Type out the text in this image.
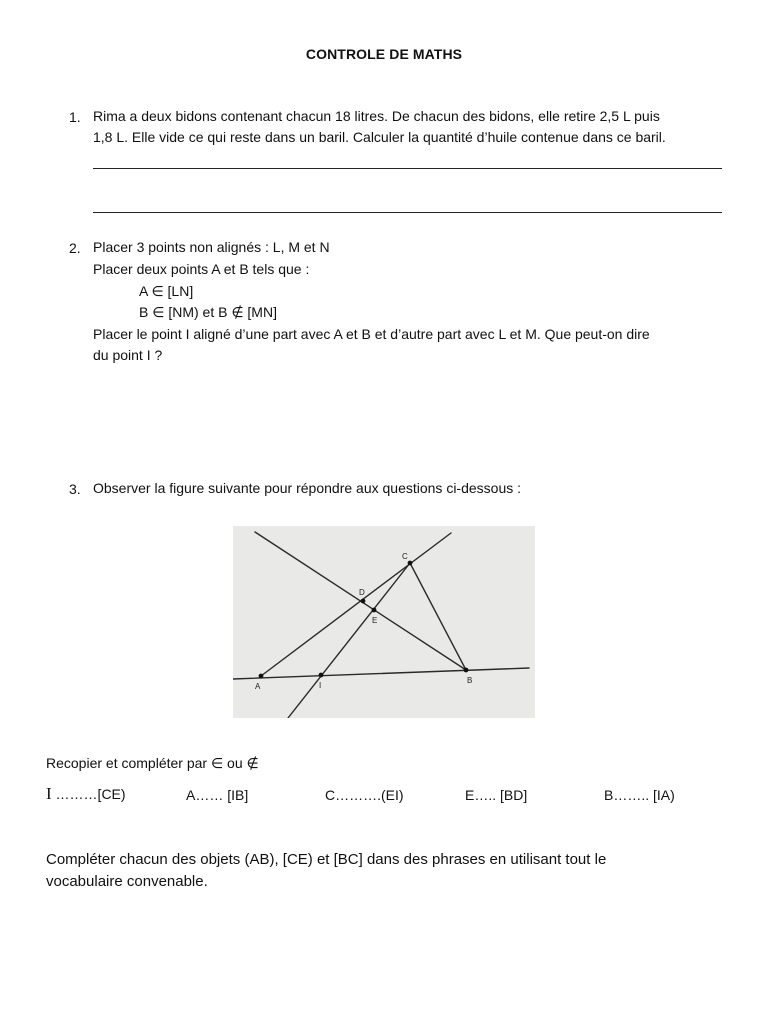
CONTROLE DE MATHS
1. Rima a deux bidons contenant chacun 18 litres. De chacun des bidons, elle retire 2,5 L puis
1,8 L. Elle vide ce qui reste dans un baril. Calculer la quantité d’huile contenue dans ce baril.
2. Placer 3 points non alignés : L, M et N
Placer deux points A et B tels que :
A ∈ [LN]
B ∈ [NM) et B ∉ [MN]
Placer le point I aligné d’une part avec A et B et d’autre part avec L et M. Que peut-on dire
du point I ?
3. Observer la figure suivante pour répondre aux questions ci-dessous :
A	I
B
C
D
E
Recopier et compléter par ∈ ou ∉
I ………[CE)	A…… [IB]	C……….(EI)	E….. [BD]	B…….. [IA)
Compléter chacun des objets (AB), [CE) et [BC] dans des phrases en utilisant tout le
vocabulaire convenable.
